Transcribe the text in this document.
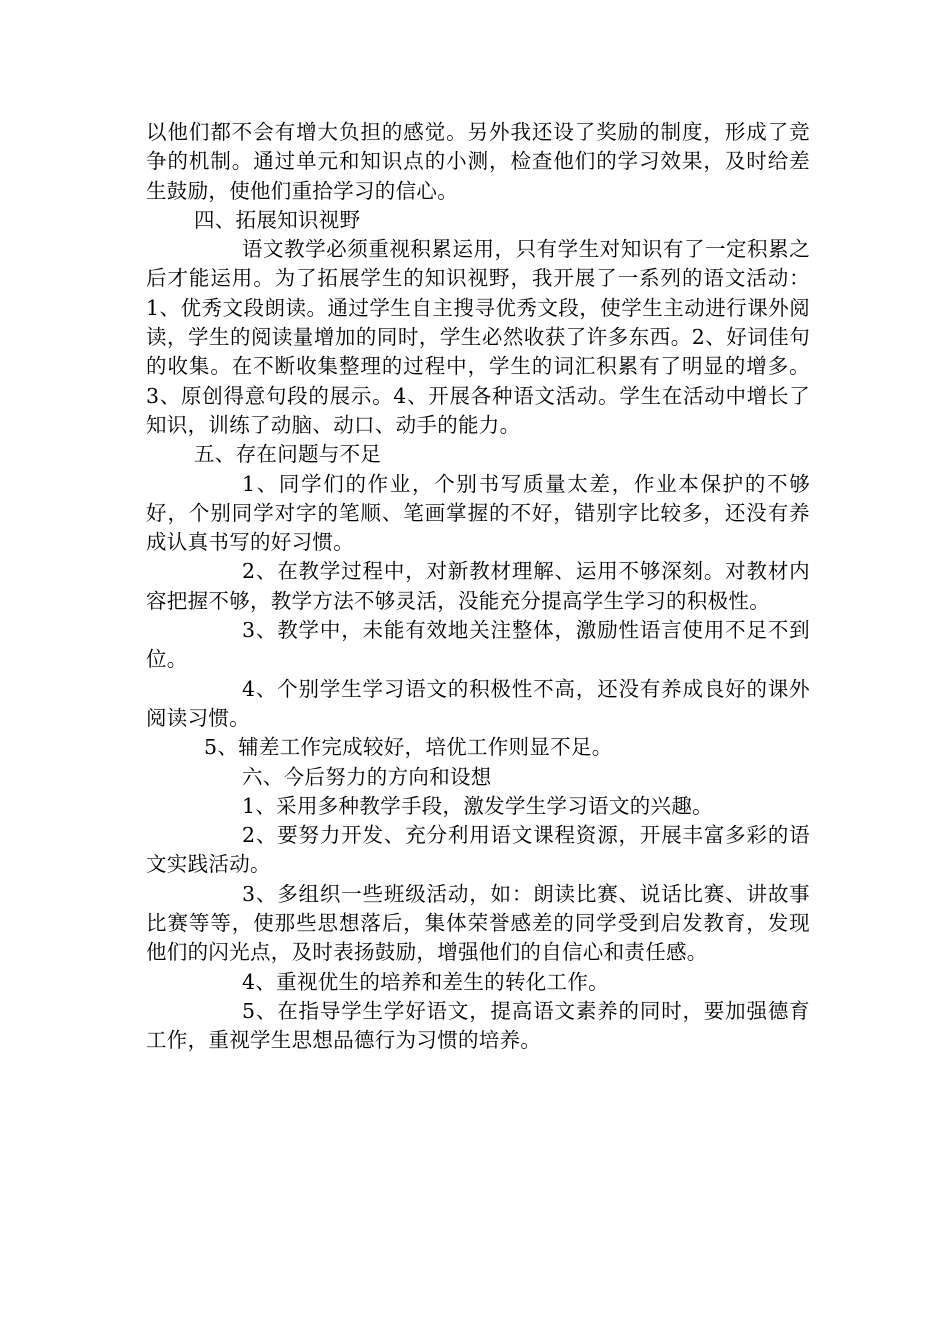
以他们都不会有增大负担的感觉。另外我还设了奖励的制度，形成了竞争的机制。通过单元和知识点的小测，检查他们的学习效果，及时给差生鼓励，使他们重拾学习的信心。

四、拓展知识视野

语文教学必须重视积累运用，只有学生对知识有了一定积累之后才能运用。为了拓展学生的知识视野，我开展了一系列的语文活动：1、优秀文段朗读。通过学生自主搜寻优秀文段，使学生主动进行课外阅读，学生的阅读量增加的同时，学生必然收获了许多东西。2、好词佳句的收集。在不断收集整理的过程中，学生的词汇积累有了明显的增多。3、原创得意句段的展示。4、开展各种语文活动。学生在活动中增长了知识，训练了动脑、动口、动手的能力。

五、存在问题与不足

1、同学们的作业，个别书写质量太差，作业本保护的不够好，个别同学对字的笔顺、笔画掌握的不好，错别字比较多，还没有养成认真书写的好习惯。

2、在教学过程中，对新教材理解、运用不够深刻。对教材内容把握不够，教学方法不够灵活，没能充分提高学生学习的积极性。

3、教学中，未能有效地关注整体，激励性语言使用不足不到位。

4、个别学生学习语文的积极性不高，还没有养成良好的课外阅读习惯。

5、辅差工作完成较好，培优工作则显不足。

六、今后努力的方向和设想

1、采用多种教学手段，激发学生学习语文的兴趣。

2、要努力开发、充分利用语文课程资源，开展丰富多彩的语文实践活动。

3、多组织一些班级活动，如：朗读比赛、说话比赛、讲故事比赛等等，使那些思想落后，集体荣誉感差的同学受到启发教育，发现他们的闪光点，及时表扬鼓励，增强他们的自信心和责任感。

4、重视优生的培养和差生的转化工作。

5、在指导学生学好语文，提高语文素养的同时，要加强德育工作，重视学生思想品德行为习惯的培养。
